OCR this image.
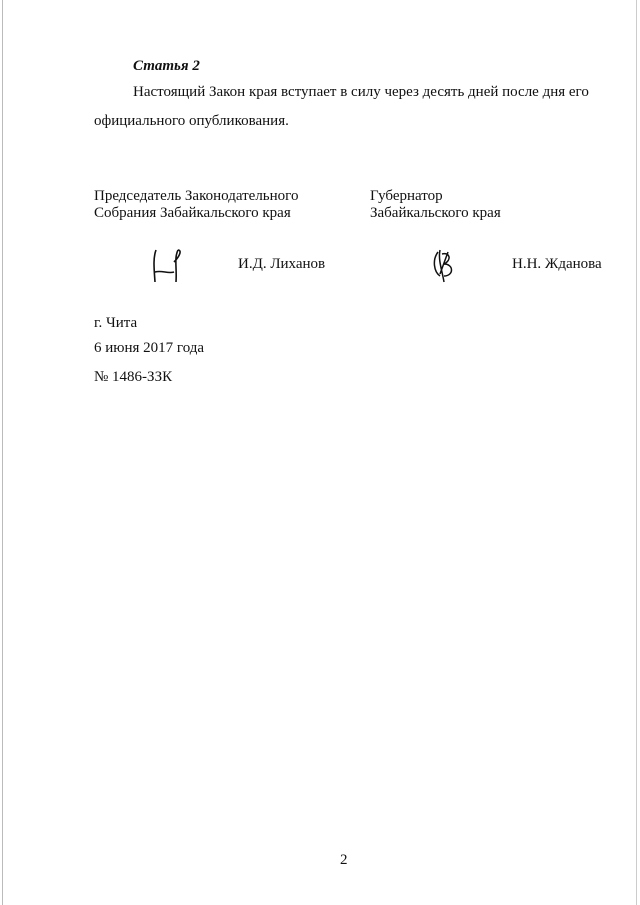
Статья 2
Настоящий Закон края вступает в силу через десять дней после дня его
официального опубликования.
Председатель Законодательного
Собрания Забайкальского края
Губернатор
Забайкальского края
И.Д. Лиханов	Н.Н. Жданова
г. Чита
6 июня 2017 года
№ 1486-ЗЗК
2
